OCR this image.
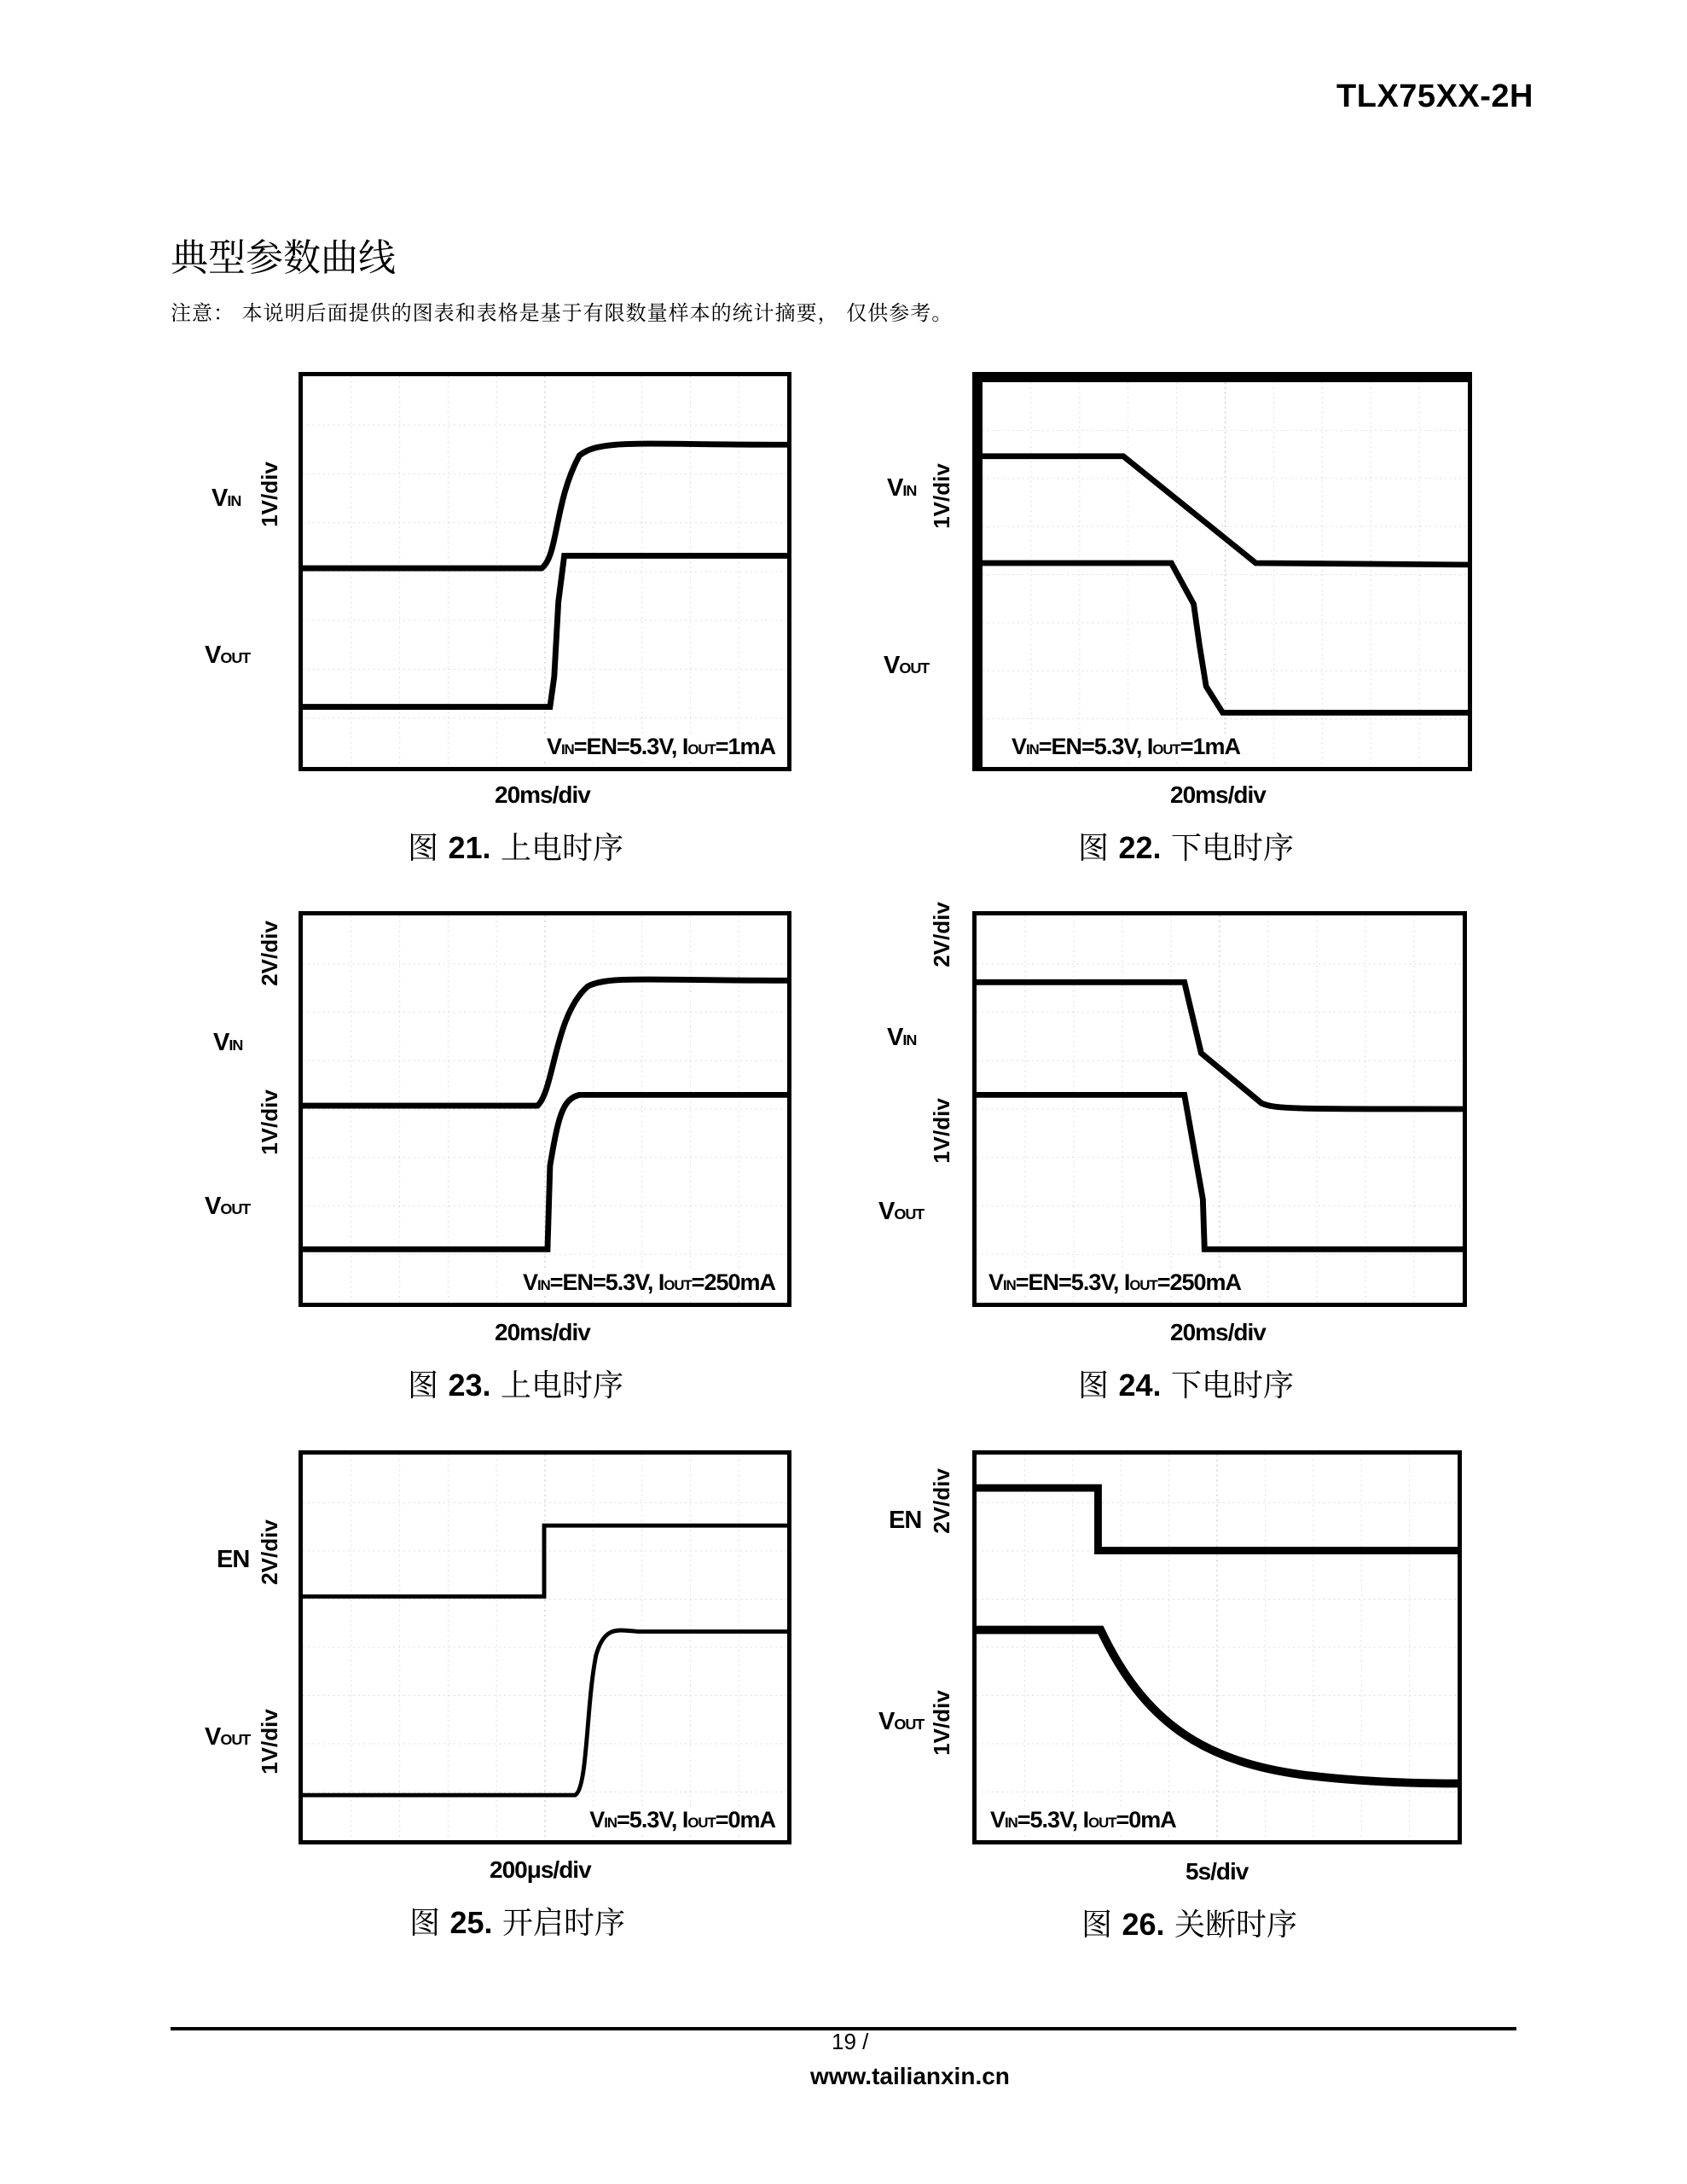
TLX75XX-2H
典型参数曲线
注意： 本说明后面提供的图表和表格是基于有限数量样本的统计摘要， 仅供参考。
VIN=EN=5.3V, IOUT=1mA
VIN
VOUT
1V/div
20ms/div
图 21. 上电时序
VIN=EN=5.3V, IOUT=1mA
VIN
VOUT
1V/div
20ms/div
图 22. 下电时序
VIN=EN=5.3V, IOUT=250mA
VIN
VOUT
2V/div
1V/div
20ms/div
图 23. 上电时序
VIN=EN=5.3V, IOUT=250mA
VIN
VOUT
2V/div
1V/div
20ms/div
图 24. 下电时序
VIN=5.3V, IOUT=0mA
EN
VOUT
2V/div
1V/div
200μs/div
图 25. 开启时序
VIN=5.3V, IOUT=0mA
EN
VOUT
2V/div
1V/div
5s/div
图 26. 关断时序
19 /
www.tailianxin.cn
